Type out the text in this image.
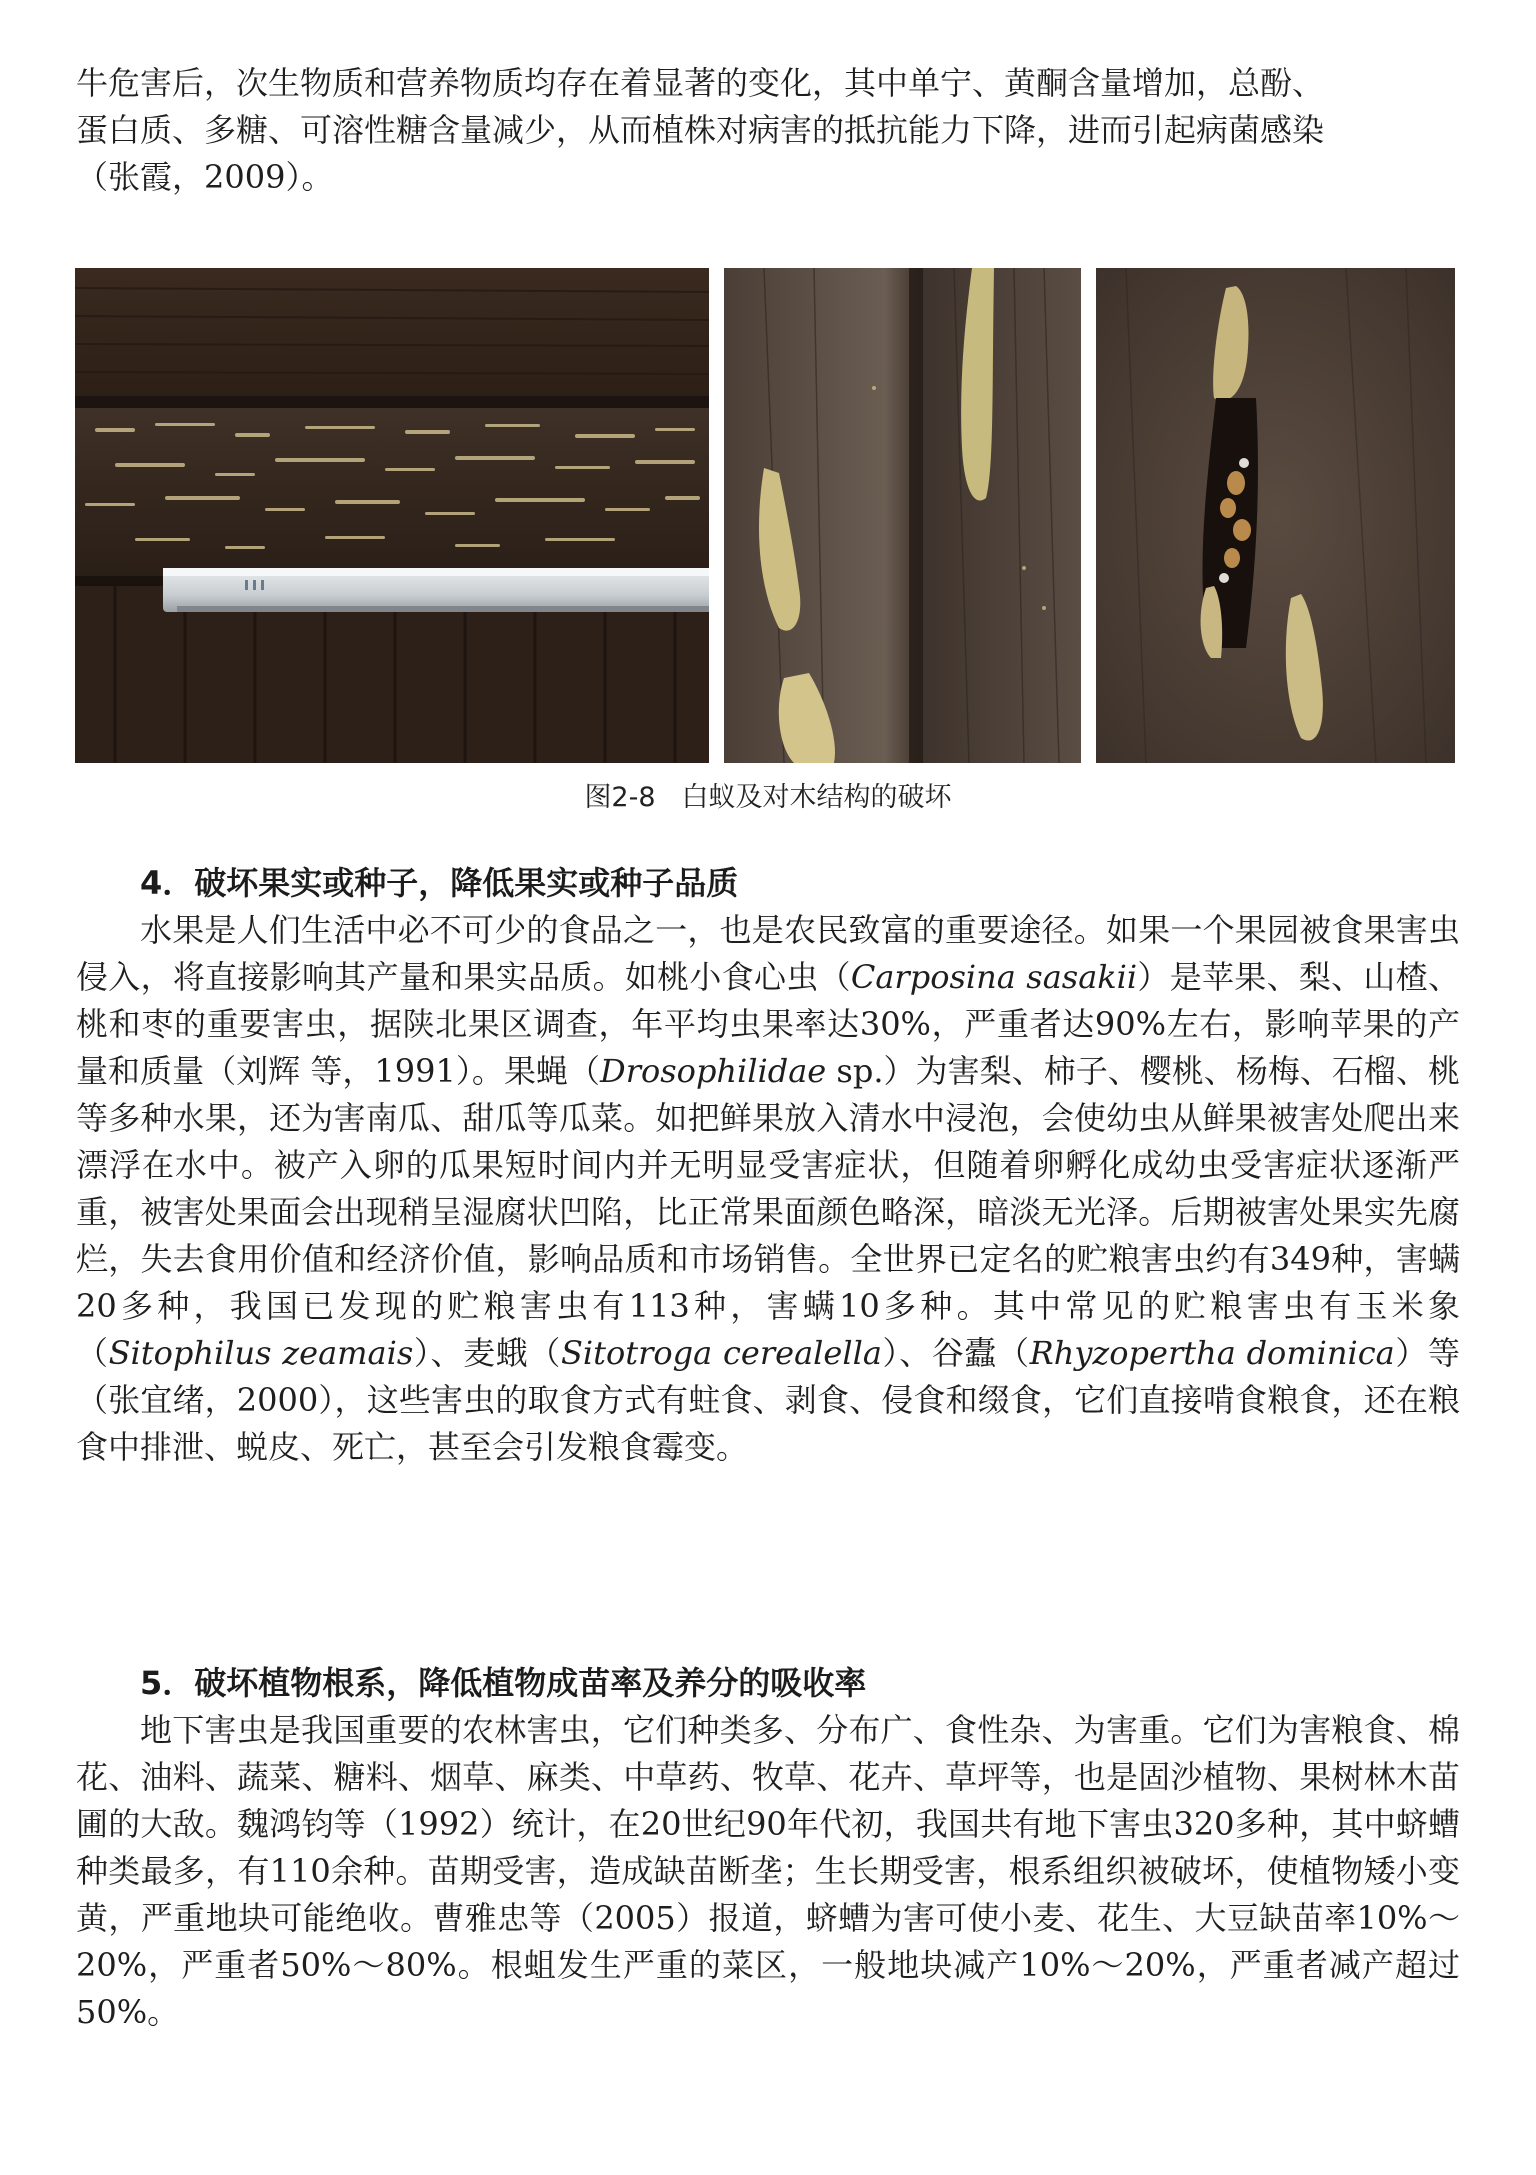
牛危害后，次生物质和营养物质均存在着显著的变化，其中单宁、黄酮含量增加，总酚、
蛋白质、多糖、可溶性糖含量减少，从而植株对病害的抵抗能力下降，进而引起病菌感染
（张霞，2009）。

图2-8 白蚁及对木结构的破坏
4．破坏果实或种子，降低果实或种子品质

水果是人们生活中必不可少的食品之一，也是农民致富的重要途径。如果一个果园被食果害虫侵入，将直接影响其产量和果实品质。如桃小食心虫（Carposina sasakii）是苹果、梨、山楂、桃和枣的重要害虫，据陕北果区调查，年平均虫果率达30%，严重者达90%左右，影响苹果的产量和质量（刘辉 等，1991）。果蝇（Drosophilidae sp.）为害梨、柿子、樱桃、杨梅、石榴、桃等多种水果，还为害南瓜、甜瓜等瓜菜。如把鲜果放入清水中浸泡，会使幼虫从鲜果被害处爬出来漂浮在水中。被产入卵的瓜果短时间内并无明显受害症状，但随着卵孵化成幼虫受害症状逐渐严重，被害处果面会出现稍呈湿腐状凹陷，比正常果面颜色略深，暗淡无光泽。后期被害处果实先腐烂，失去食用价值和经济价值，影响品质和市场销售。全世界已定名的贮粮害虫约有349种，害螨20多种，我国已发现的贮粮害虫有113种，害螨10多种。其中常见的贮粮害虫有玉米象（Sitophilus zeamais）、麦蛾（Sitotroga cerealella）、谷蠹（Rhyzopertha dominica）等（张宜绪，2000），这些害虫的取食方式有蛀食、剥食、侵食和缀食，它们直接啃食粮食，还在粮食中排泄、蜕皮、死亡，甚至会引发粮食霉变。

5．破坏植物根系，降低植物成苗率及养分的吸收率

地下害虫是我国重要的农林害虫，它们种类多、分布广、食性杂、为害重。它们为害粮食、棉花、油料、蔬菜、糖料、烟草、麻类、中草药、牧草、花卉、草坪等，也是固沙植物、果树林木苗圃的大敌。魏鸿钧等（1992）统计，在20世纪90年代初，我国共有地下害虫320多种，其中蛴螬种类最多，有110余种。苗期受害，造成缺苗断垄；生长期受害，根系组织被破坏，使植物矮小变黄，严重地块可能绝收。曹雅忠等（2005）报道，蛴螬为害可使小麦、花生、大豆缺苗率10%～20%，严重者50%～80%。根蛆发生严重的菜区，一般地块减产10%～20%，严重者减产超过50%。
